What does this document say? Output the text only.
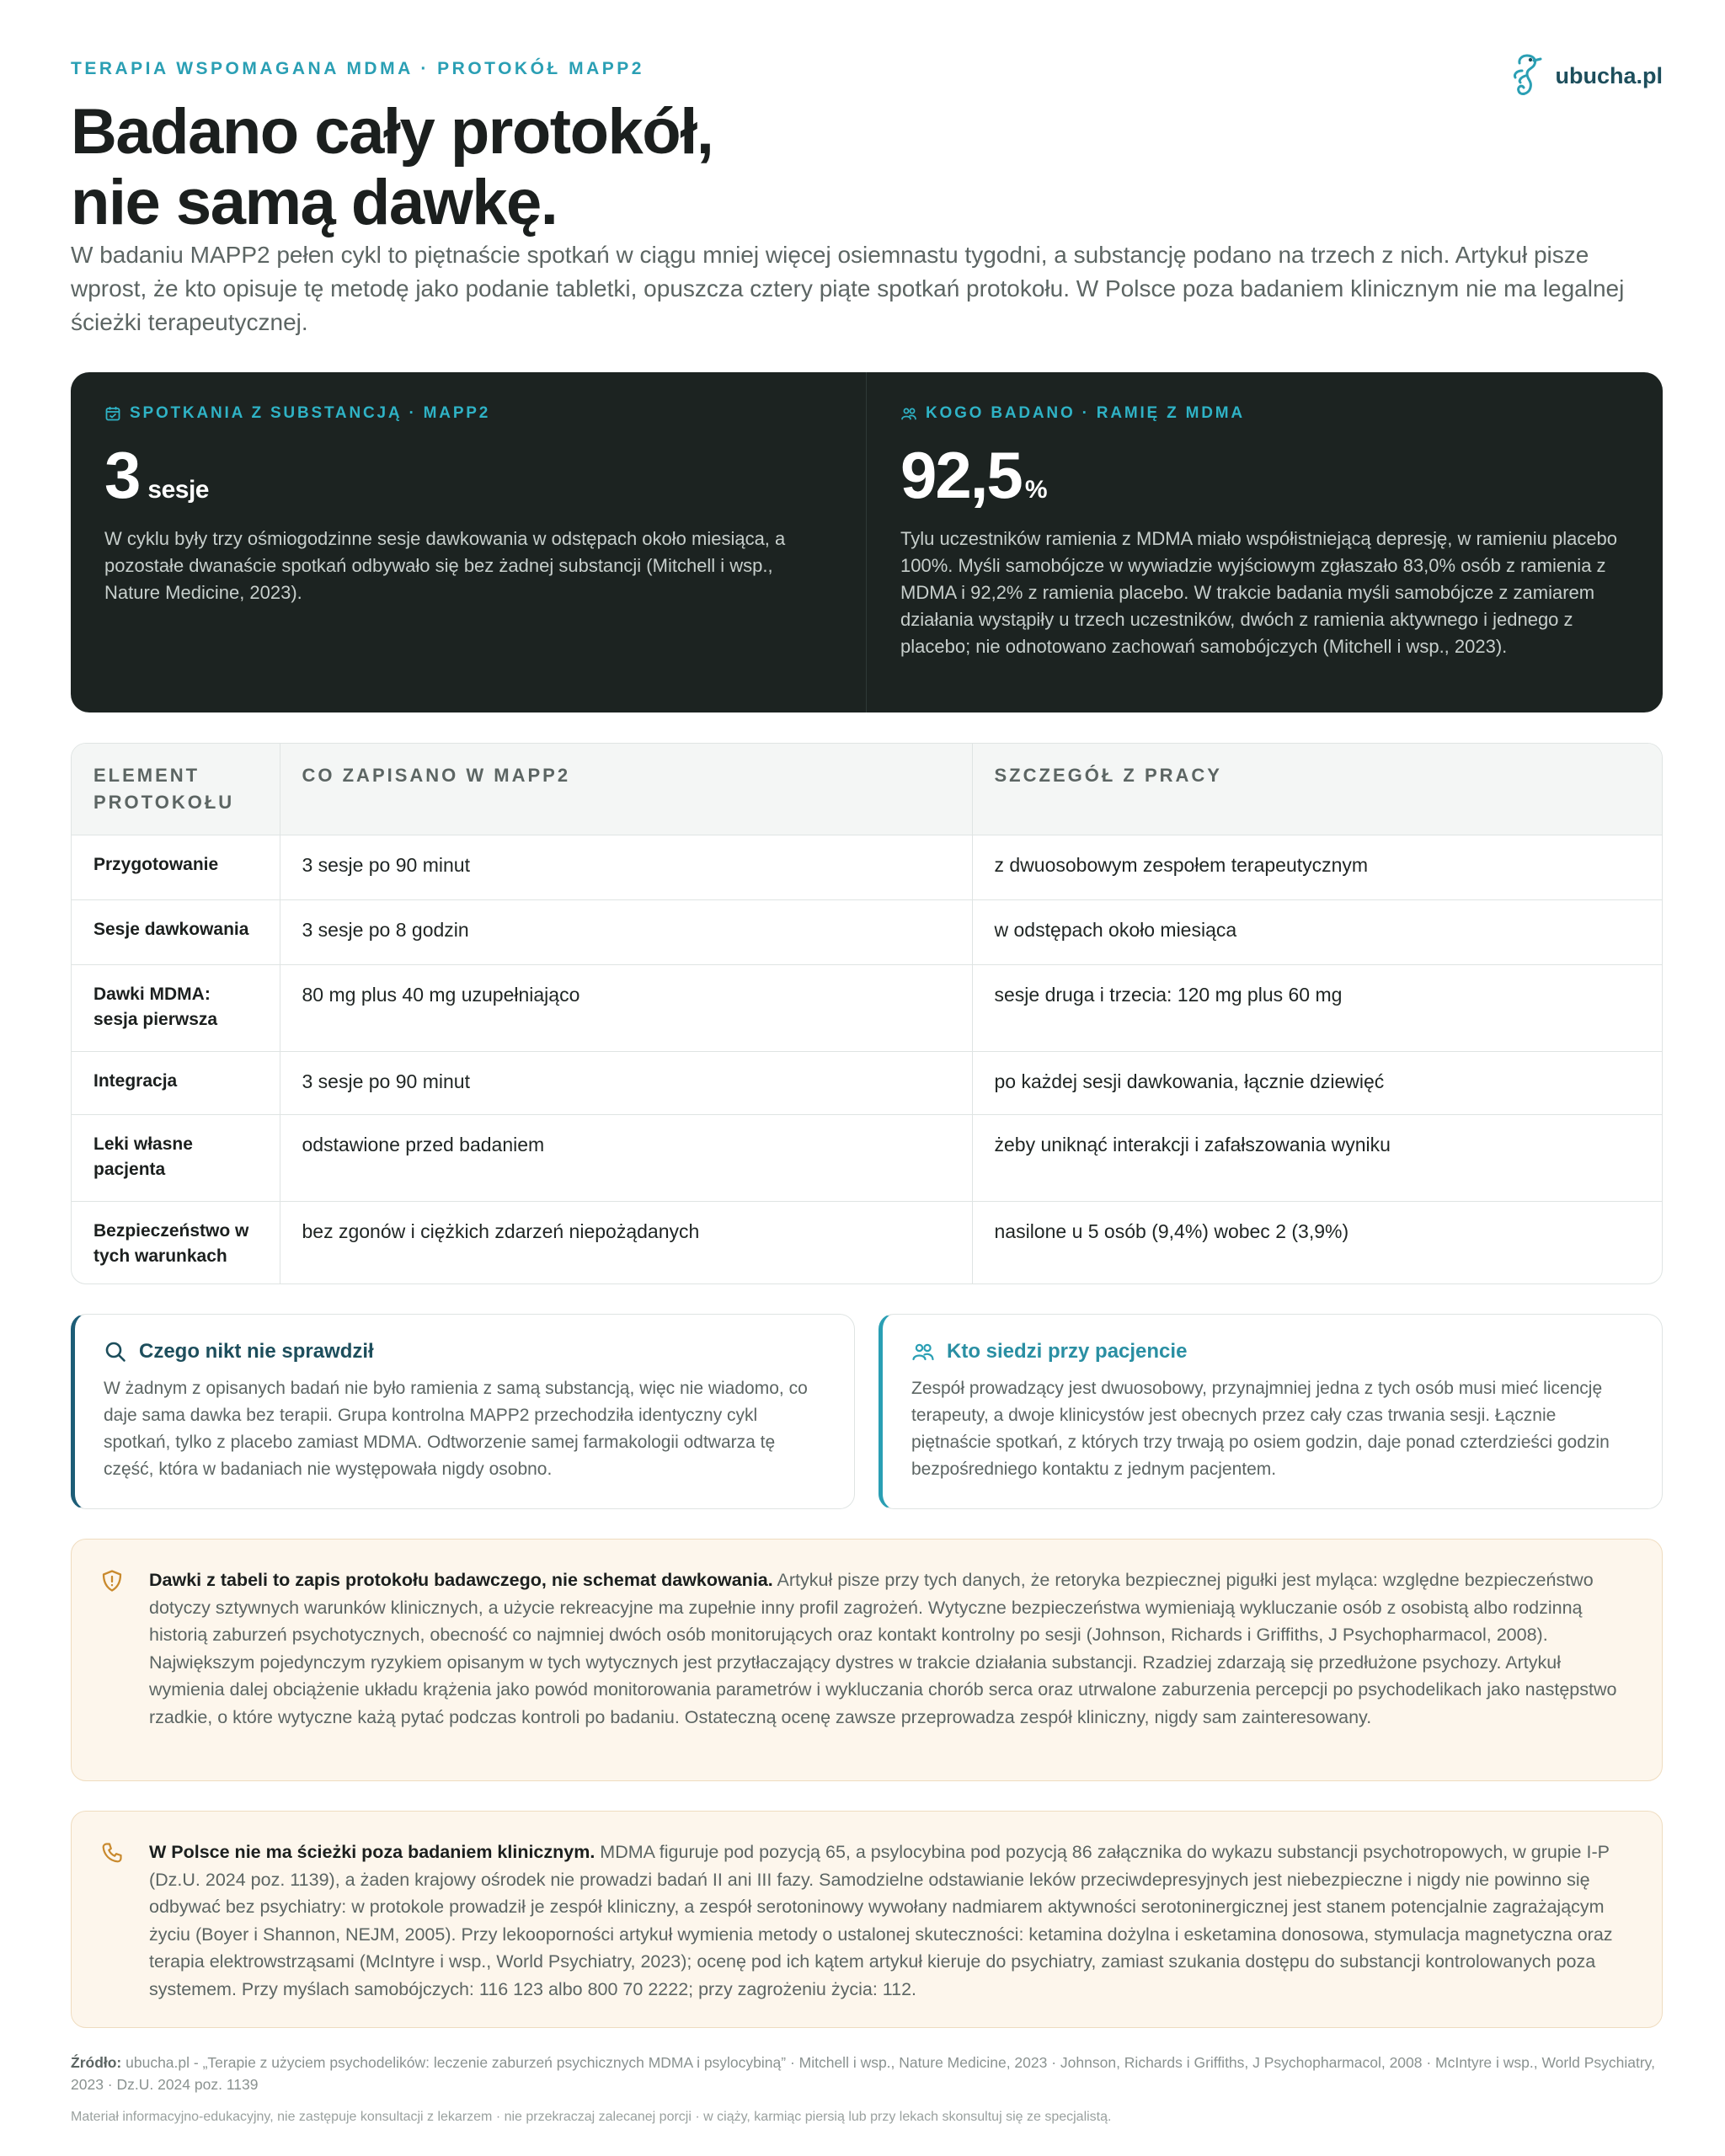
TERAPIA WSPOMAGANA MDMA · PROTOKÓŁ MAPP2	ubucha.pl
Badano cały protokół,
nie samą dawkę.

W badaniu MAPP2 pełen cykl to piętnaście spotkań w ciągu mniej więcej osiemnastu tygodni, a substancję podano na trzech z nich. Artykuł pisze wprost, że kto opisuje tę metodę jako podanie tabletki, opuszcza cztery piąte spotkań protokołu. W Polsce poza badaniem klinicznym nie ma legalnej ścieżki terapeutycznej.

SPOTKANIA Z SUBSTANCJĄ · MAPP2
3 sesje

W cyklu były trzy ośmiogodzinne sesje dawkowania w odstępach około miesiąca, a pozostałe dwanaście spotkań odbywało się bez żadnej substancji (Mitchell i wsp., Nature Medicine, 2023).

KOGO BADANO · RAMIĘ Z MDMA
92,5 %

Tylu uczestników ramienia z MDMA miało współistniejącą depresję, w ramieniu placebo 100%. Myśli samobójcze w wywiadzie wyjściowym zgłaszało 83,0% osób z ramienia z MDMA i 92,2% z ramienia placebo. W trakcie badania myśli samobójcze z zamiarem działania wystąpiły u trzech uczestników, dwóch z ramienia aktywnego i jednego z placebo; nie odnotowano zachowań samobójczych (Mitchell i wsp., 2023).

ELEMENT PROTOKOŁU	CO ZAPISANO W MAPP2	SZCZEGÓŁ Z PRACY
Przygotowanie	3 sesje po 90 minut	z dwuosobowym zespołem terapeutycznym
Sesje dawkowania	3 sesje po 8 godzin	w odstępach około miesiąca
Dawki MDMA: sesja pierwsza	80 mg plus 40 mg uzupełniająco	sesje druga i trzecia: 120 mg plus 60 mg
Integracja	3 sesje po 90 minut	po każdej sesji dawkowania, łącznie dziewięć
Leki własne pacjenta	odstawione przed badaniem	żeby uniknąć interakcji i zafałszowania wyniku
Bezpieczeństwo w tych warunkach	bez zgonów i ciężkich zdarzeń niepożądanych	nasilone u 5 osób (9,4%) wobec 2 (3,9%)
Czego nikt nie sprawdził

W żadnym z opisanych badań nie było ramienia z samą substancją, więc nie wiadomo, co daje sama dawka bez terapii. Grupa kontrolna MAPP2 przechodziła identyczny cykl spotkań, tylko z placebo zamiast MDMA. Odtworzenie samej farmakologii odtwarza tę część, która w badaniach nie występowała nigdy osobno.

Kto siedzi przy pacjencie

Zespół prowadzący jest dwuosobowy, przynajmniej jedna z tych osób musi mieć licencję terapeuty, a dwoje klinicystów jest obecnych przez cały czas trwania sesji. Łącznie piętnaście spotkań, z których trzy trwają po osiem godzin, daje ponad czterdzieści godzin bezpośredniego kontaktu z jednym pacjentem.

Dawki z tabeli to zapis protokołu badawczego, nie schemat dawkowania. Artykuł pisze przy tych danych, że retoryka bezpiecznej pigułki jest myląca: względne bezpieczeństwo dotyczy sztywnych warunków klinicznych, a użycie rekreacyjne ma zupełnie inny profil zagrożeń. Wytyczne bezpieczeństwa wymieniają wykluczanie osób z osobistą albo rodzinną historią zaburzeń psychotycznych, obecność co najmniej dwóch osób monitorujących oraz kontakt kontrolny po sesji (Johnson, Richards i Griffiths, J Psychopharmacol, 2008). Największym pojedynczym ryzykiem opisanym w tych wytycznych jest przytłaczający dystres w trakcie działania substancji. Rzadziej zdarzają się przedłużone psychozy. Artykuł wymienia dalej obciążenie układu krążenia jako powód monitorowania parametrów i wykluczania chorób serca oraz utrwalone zaburzenia percepcji po psychodelikach jako następstwo rzadkie, o które wytyczne każą pytać podczas kontroli po badaniu. Ostateczną ocenę zawsze przeprowadza zespół kliniczny, nigdy sam zainteresowany.

W Polsce nie ma ścieżki poza badaniem klinicznym. MDMA figuruje pod pozycją 65, a psylocybina pod pozycją 86 załącznika do wykazu substancji psychotropowych, w grupie I-P (Dz.U. 2024 poz. 1139), a żaden krajowy ośrodek nie prowadzi badań II ani III fazy. Samodzielne odstawianie leków przeciwdepresyjnych jest niebezpieczne i nigdy nie powinno się odbywać bez psychiatry: w protokole prowadził je zespół kliniczny, a zespół serotoninowy wywołany nadmiarem aktywności serotoninergicznej jest stanem potencjalnie zagrażającym życiu (Boyer i Shannon, NEJM, 2005). Przy lekooporności artykuł wymienia metody o ustalonej skuteczności: ketamina dożylna i esketamina donosowa, stymulacja magnetyczna oraz terapia elektrowstrząsami (McIntyre i wsp., World Psychiatry, 2023); ocenę pod ich kątem artykuł kieruje do psychiatry, zamiast szukania dostępu do substancji kontrolowanych poza systemem. Przy myślach samobójczych: 116 123 albo 800 70 2222; przy zagrożeniu życia: 112.

Źródło: ubucha.pl - „Terapie z użyciem psychodelików: leczenie zaburzeń psychicznych MDMA i psylocybiną” · Mitchell i wsp., Nature Medicine, 2023 · Johnson, Richards i Griffiths, J Psychopharmacol, 2008 · McIntyre i wsp., World Psychiatry, 2023 · Dz.U. 2024 poz. 1139

Materiał informacyjno-edukacyjny, nie zastępuje konsultacji z lekarzem · nie przekraczaj zalecanej porcji · w ciąży, karmiąc piersią lub przy lekach skonsultuj się ze specjalistą.
